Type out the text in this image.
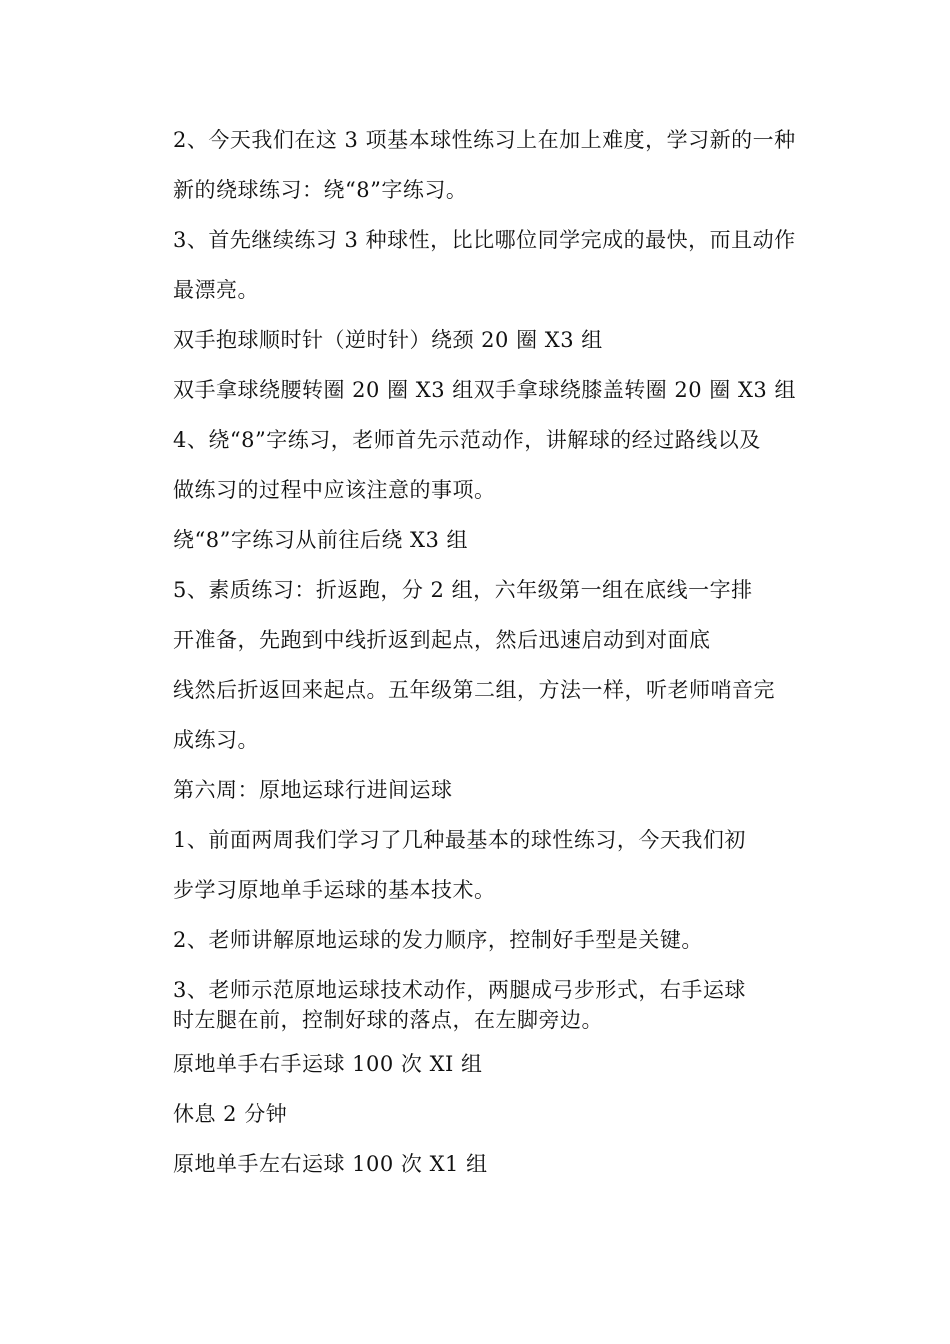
2、今天我们在这 3 项基本球性练习上在加上难度，学习新的一种
新的绕球练习：绕“8”字练习。
3、首先继续练习 3 种球性，比比哪位同学完成的最快，而且动作
最漂亮。
双手抱球顺时针（逆时针）绕颈 20 圈 X3 组
双手拿球绕腰转圈 20 圈 X3 组双手拿球绕膝盖转圈 20 圈 X3 组
4、绕“8”字练习，老师首先示范动作，讲解球的经过路线以及
做练习的过程中应该注意的事项。
绕“8”字练习从前往后绕 X3 组
5、素质练习：折返跑，分 2 组，六年级第一组在底线一字排
开准备，先跑到中线折返到起点，然后迅速启动到对面底
线然后折返回来起点。五年级第二组，方法一样，听老师哨音完
成练习。
第六周：原地运球行进间运球
1、前面两周我们学习了几种最基本的球性练习，今天我们初
步学习原地单手运球的基本技术。
2、老师讲解原地运球的发力顺序，控制好手型是关键。
3、老师示范原地运球技术动作，两腿成弓步形式，右手运球
时左腿在前，控制好球的落点，在左脚旁边。
原地单手右手运球 100 次 XI 组
休息 2 分钟
原地单手左右运球 100 次 X1 组
